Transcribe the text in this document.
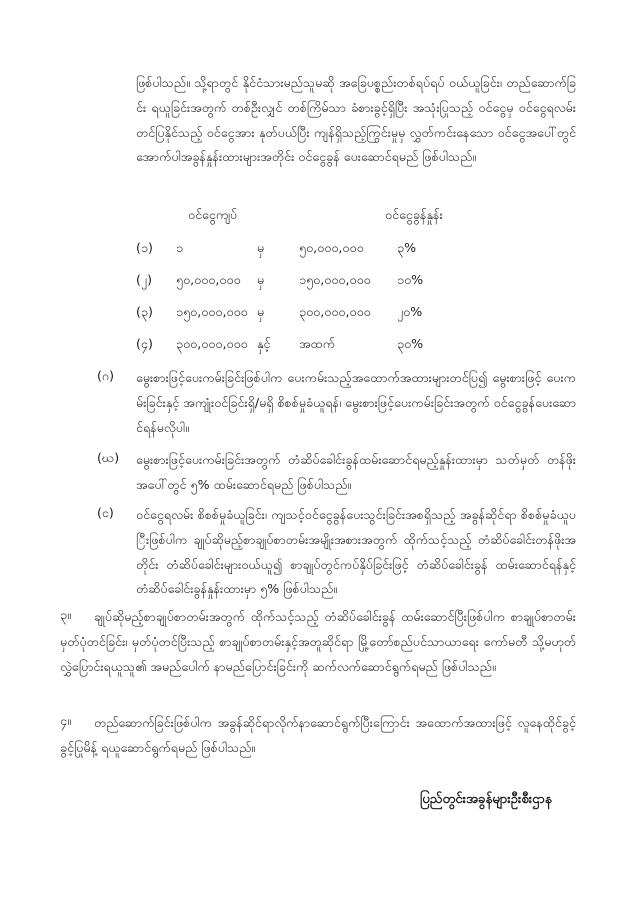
ဖြစ်ပါသည်။ သို့ရာတွင် နိုင်ငံသားမည်သူမဆို အခြေပစ္စည်းတစ်ရပ်ရပ် ဝယ်ယူခြင်း၊ တည်ဆောက်ခြင်း ရယူခြင်းအတွက် တစ်ဦးလျှင် တစ်ကြိမ်သာ ခံစားခွင့်ရှိပြီး အသုံးပြုသည့် ဝင်ငွေမှ ဝင်ငွေရလမ်း တင်ပြနိုင်သည့် ဝင်ငွေအား နုတ်ပယ်ပြီး ကျန်ရှိသည့်ကြွင်းမှုမှ လွှတ်ကင်းနေသော ဝင်ငွေအပေါ်တွင် အောက်ပါအခွန်နှုန်းထားများအတိုင်း ဝင်ငွေခွန် ပေးဆောင်ရမည် ဖြစ်ပါသည်။

ဝင်ငွေကျပ်	ဝင်ငွေခွန်နှုန်း

(၁) ၁	မှ	၅၀,၀၀၀,၀၀၀	၃%
(၂) ၅၀,၀၀၀,၀၀၀ မှ	၁၅၀,၀၀၀,၀၀၀ ၁၀%
(၃) ၁၅၀,၀၀၀,၀၀၀ မှ	၃၀၀,၀၀၀,၀၀၀ ၂၀%
(၄) ၃၀၀,၀၀၀,၀၀၀ နှင့် အထက်	၃၀%

(ဂ) မွေးစားဖြင့်ပေးကမ်းခြင်းဖြစ်ပါက ပေးကမ်းသည့်အထောက်အထားများတင်ပြ၍ မွေးစားဖြင့် ပေးကမ်းခြင်းနှင့် အကျုံးဝင်ခြင်းရှိ/မရှိ စိစစ်မှုခံယူရန်၊ မွေးစားဖြင့်ပေးကမ်းခြင်းအတွက် ဝင်ငွေခွန်ပေးဆောင်ရန်မလိုပါ။

(ဃ) မွေးစားဖြင့်ပေးကမ်းခြင်းအတွက် တံဆိပ်ခေါင်းခွန်ထမ်းဆောင်ရမည့်နှုန်းထားမှာ သတ်မှတ် တန်ဖိုး အပေါ်တွင် ၅% ထမ်းဆောင်ရမည် ဖြစ်ပါသည်။

(င) ဝင်ငွေရလမ်း စိစစ်မှုခံယူခြင်း၊ ကျသင့်ဝင်ငွေခွန်ပေးသွင်းခြင်းအစရှိသည့် အခွန်ဆိုင်ရာ စိစစ်မှုခံယူပြီးဖြစ်ပါက ချုပ်ဆိုမည့်စာချုပ်စာတမ်းအမျိုးအစားအတွက် ထိုက်သင့်သည့် တံဆိပ်ခေါင်းတန်ဖိုးအတိုင်း တံဆိပ်ခေါင်းများဝယ်ယူ၍ စာချုပ်တွင်ကပ်နှိပ်ခြင်းဖြင့် တံဆိပ်ခေါင်းခွန် ထမ်းဆောင်ရန်နှင့် တံဆိပ်ခေါင်းခွန်နှုန်းထားမှာ ၅% ဖြစ်ပါသည်။

၃။	ချုပ်ဆိုမည့်စာချုပ်စာတမ်းအတွက် ထိုက်သင့်သည့် တံဆိပ်ခေါင်းခွန် ထမ်းဆောင်ပြီးဖြစ်ပါက စာချုပ်စာတမ်းမှတ်ပုံတင်ခြင်း၊ မှတ်ပုံတင်ပြီးသည့် စာချုပ်စာတမ်းနှင့်အတူဆိုင်ရာ မြို့တော်စည်ပင်သာယာရေး ကော်မတီ သို့မဟုတ် လွှဲပြောင်းရယူသူ၏ အမည်ပေါက် နာမည်ပြောင်းခြင်းကို ဆက်လက်ဆောင်ရွက်ရမည် ဖြစ်ပါသည်။

၄။	တည်ဆောက်ခြင်းဖြစ်ပါက အခွန်ဆိုင်ရာလိုက်နာဆောင်ရွက်ပြီးကြောင်း အထောက်အထားဖြင့် လူနေထိုင်ခွင့် ခွင့်ပြုမိန့် ရယူဆောင်ရွက်ရမည် ဖြစ်ပါသည်။

ပြည်တွင်းအခွန်များဦးစီးဌာန
